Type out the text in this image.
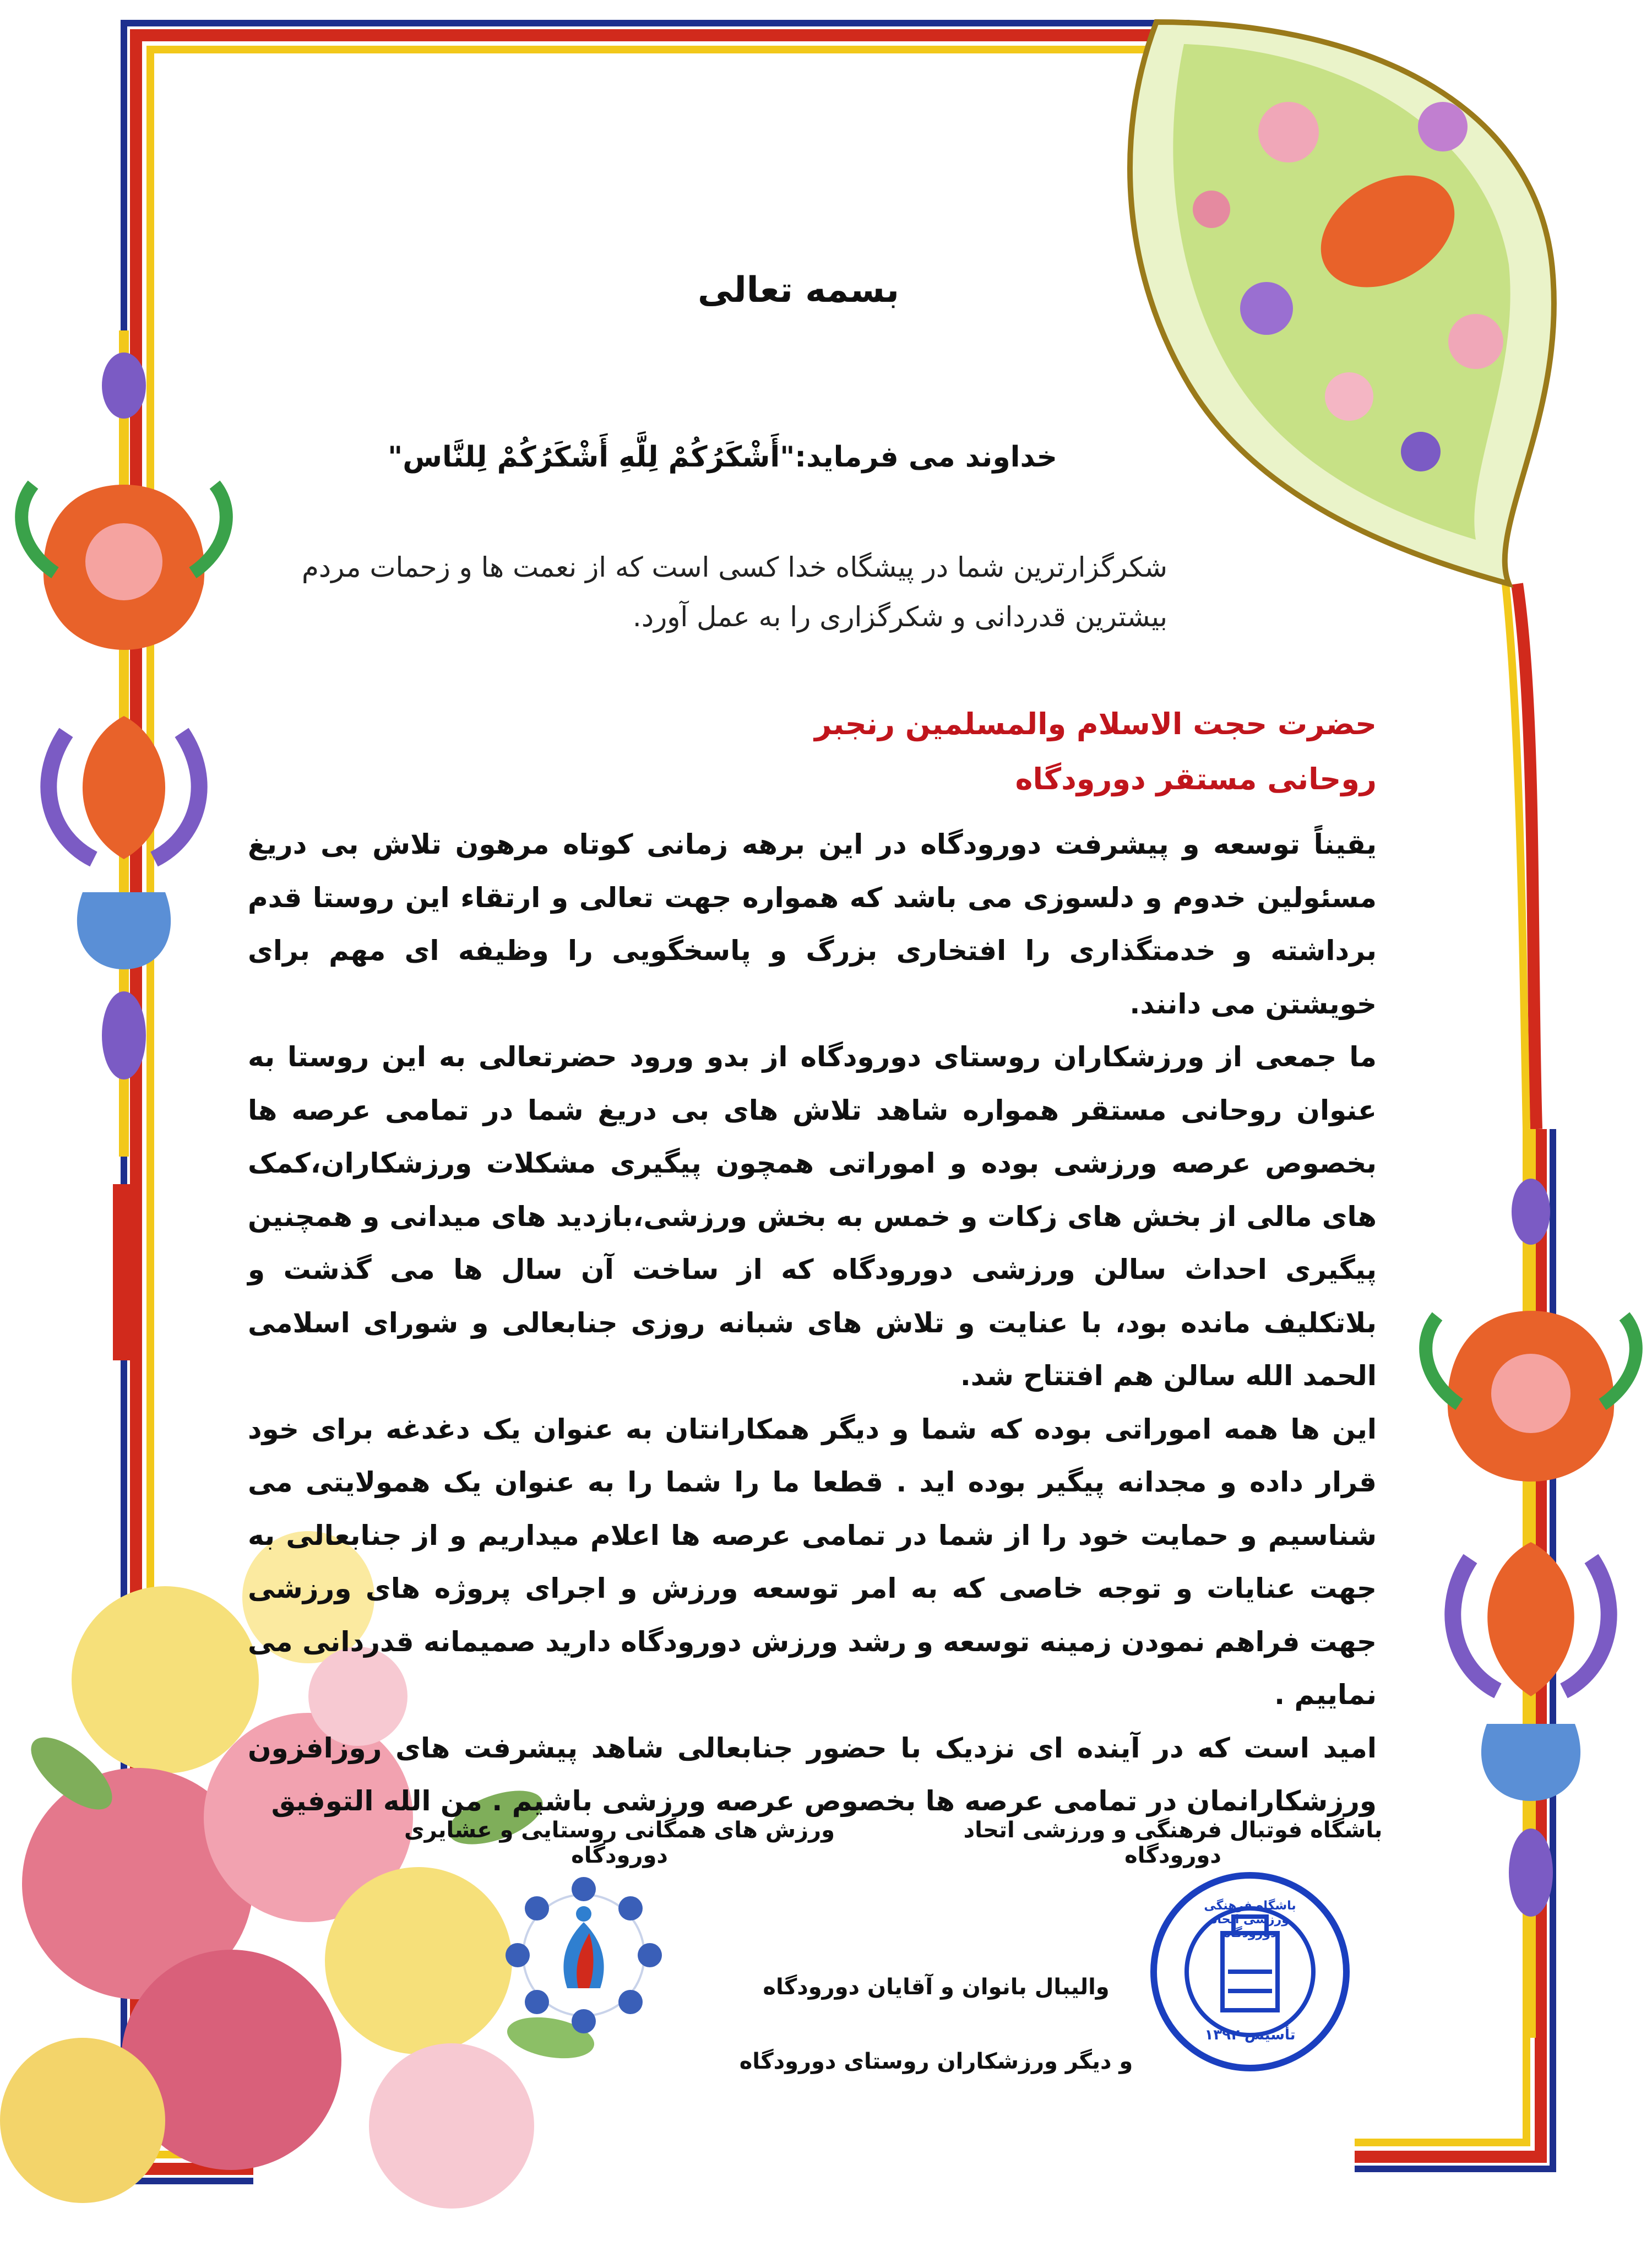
بسمه تعالی
خداوند می فرماید:"أَشْكَرُكُمْ لِلَّهِ أَشْكَرُكُمْ لِلنَّاس"
شکرگزارترین شما در پیشگاه خدا کسی است که از نعمت ها و زحمات مردم بیشترین قدردانی و شکرگزاری را به عمل آورد.
حضرت حجت الاسلام والمسلمین رنجبر
روحانی مستقر دورودگاه

یقیناً توسعه و پیشرفت دورودگاه در این برهه زمانی کوتاه مرهون تلاش بی دریغ مسئولین خدوم و دلسوزی می باشد که همواره جهت تعالی و ارتقاء این روستا قدم برداشته و خدمتگذاری را افتخاری بزرگ و پاسخگویی را وظیفه ای مهم برای خویشتن می دانند.

ما جمعی از ورزشکاران روستای دورودگاه از بدو ورود حضرتعالی به این روستا به عنوان روحانی مستقر همواره شاهد تلاش های بی دریغ شما در تمامی عرصه ها بخصوص عرصه ورزشی بوده و اموراتی همچون پیگیری مشکلات ورزشکاران،کمک های مالی از بخش های زکات و خمس به بخش ورزشی،بازدید های میدانی و همچنین پیگیری احداث سالن ورزشی دورودگاه که از ساخت آن سال ها می گذشت و بلاتکلیف مانده بود، با عنایت و تلاش های شبانه روزی جنابعالی و شورای اسلامی الحمد الله سالن هم افتتاح شد.

این ها همه اموراتی بوده که شما و دیگر همکارانتان به عنوان یک دغدغه برای خود قرار داده و مجدانه پیگیر بوده اید . قطعا ما را شما را به عنوان یک همولایتی می شناسیم و حمایت خود را از شما در تمامی عرصه ها اعلام میداریم و از جنابعالی به جهت عنایات و توجه خاصی که به امر توسعه ورزش و اجرای پروژه های ورزشی جهت فراهم نمودن زمینه توسعه و رشد ورزش دورودگاه دارید صمیمانه قدردانی می نماییم .

امید است که در آینده ای نزدیک با حضور جنابعالی شاهد پیشرفت های روزافزون ورزشکارانمان در تمامی عرصه ها بخصوص عرصه ورزشی باشیم . من الله التوفیق

باشگاه فوتبال فرهنگی و ورزشی اتحاد دورودگاه
ورزش های همگانی روستایی و عشایری دورودگاه
والیبال بانوان و آقایان دورودگاه
و دیگر ورزشکاران روستای دورودگاه
باشگاه فرهنگی ورزشی اتحاد دورودگاه
تأسیس ۱۳۹۲
